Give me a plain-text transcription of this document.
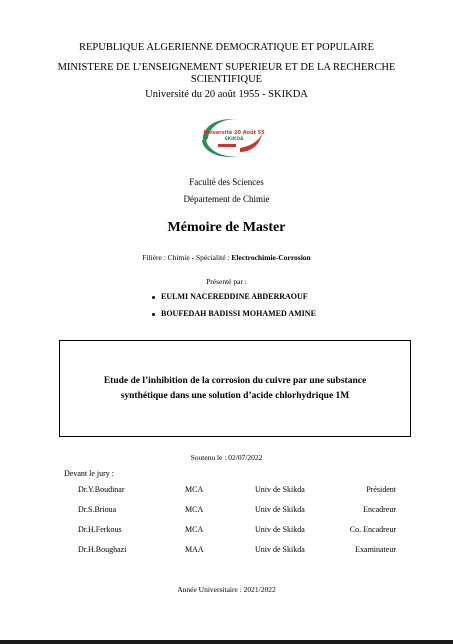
REPUBLIQUE ALGERIENNE DEMOCRATIQUE ET POPULAIRE
MINISTERE DE L’ENSEIGNEMENT SUPERIEUR ET DE LA RECHERCHE
SCIENTIFIQUE
Université du 20 août 1955 - SKIKDA
Université 20 Août 55
SKIKDA
Faculté des Sciences
Département de Chimie
Mémoire de Master
Filière : Chimie - Spécialité : Electrochimie-Corrosion
Présenté par :
EULMI NACEREDDINE ABDERRAOUF
BOUFEDAH BADISSI MOHAMED AMINE
Etude de l’inhibition de la corrosion du cuivre par une substance
synthétique dans une solution d’acide chlorhydrique 1M
Soutenu le : 02/07/2022
Devant le jury :
Dr.Y.Boudinar	MCA	Univ de Skikda	Président
Dr.S.Brioua	MCA	Univ de Skikda	Encadreur
Dr.H.Ferkous	MCA	Univ de Skikda	Co. Encadreur
Dr.H.Boughazi	MAA	Univ de Skikda	Examinateur
Année Universitaire : 2021/2022
